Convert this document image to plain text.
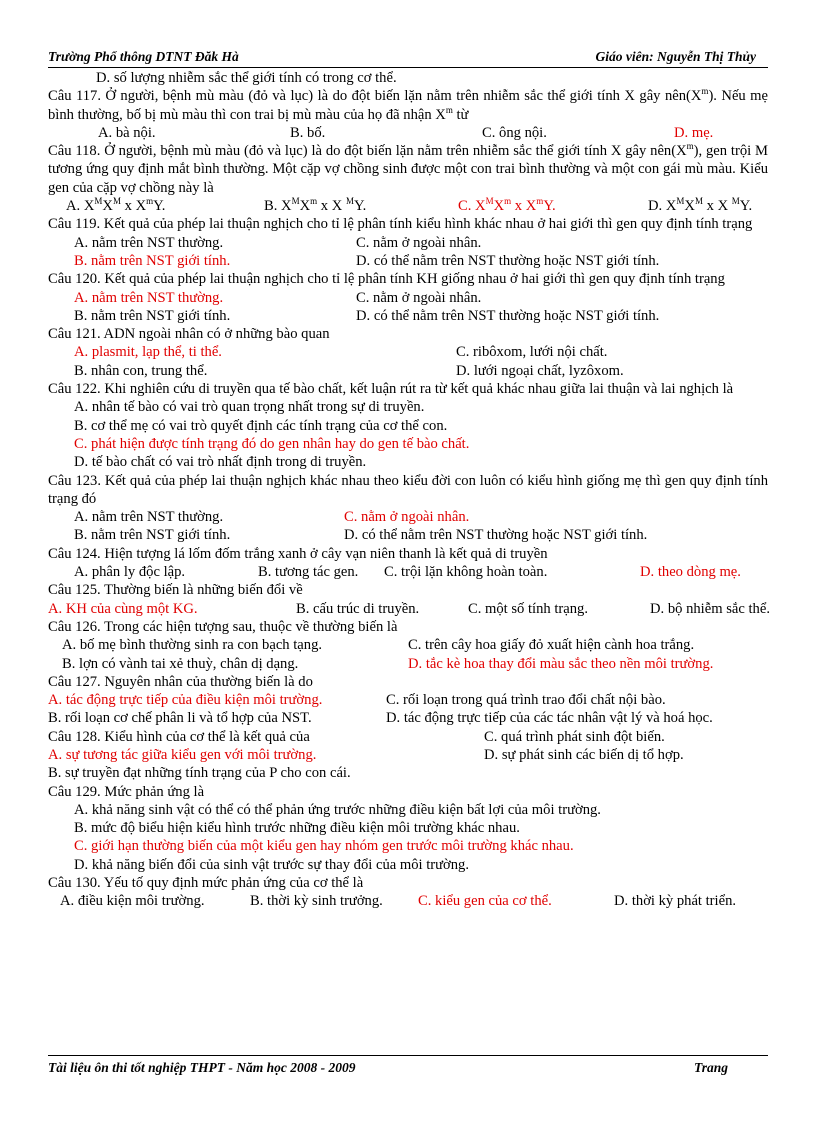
Trường Phổ thông DTNT Đăk Hà	Giáo viên: Nguyễn Thị Thủy
D. số lượng nhiễm sắc thể giới tính có trong cơ thể.
Câu 117. Ở người, bệnh mù màu (đỏ và lục) là do đột biến lặn nằm trên nhiễm sắc thể giới tính X gây $nên(X^m)$. Nếu mẹ bình thường, bố bị mù màu thì con trai bị mù màu của họ đã nhận $X^m$ từ
A. bà nội.	B. bố.	C. ông nội.	D. mẹ.
Câu 118. Ở người, bệnh mù màu (đỏ và lục) là do đột biến lặn nằm trên nhiễm sắc thể giới tính X gây $nên(X^m)$, gen trội M tương ứng quy định mắt bình thường. Một cặp vợ chồng sinh được một con trai bình thường và một con gái mù màu. Kiểu gen của cặp vợ chồng này là
A. $X^MX^M$ x $X^mY$.	B. $X^MX^m$ x X $^M$Y.	C. $X^MX^m$ x $X^mY$.	D. $X^MX^M$ x X $^M$Y.
Câu 119. Kết quả của phép lai thuận nghịch cho tỉ lệ phân tính kiểu hình khác nhau ở hai giới thì gen quy định tính trạng
A. nằm trên NST thường.	C. nằm ở ngoài nhân.
B. nằm trên NST giới tính.	D. có thể nằm trên NST thường hoặc NST giới tính.
Câu 120. Kết quả của phép lai thuận nghịch cho tỉ lệ phân tính KH giống nhau ở hai giới thì gen quy định tính trạng
A. nằm trên NST thường.	C. nằm ở ngoài nhân.
B. nằm trên NST giới tính.	D. có thể nằm trên NST thường hoặc NST giới tính.
Câu 121. ADN ngoài nhân có ở những bào quan
A. plasmit, lạp thể, ti thể.	C. ribôxom, lưới nội chất.
B. nhân con, trung thể.	D. lưới ngoại chất, lyzôxom.
Câu 122. Khi nghiên cứu di truyền qua tế bào chất, kết luận rút ra từ kết quả khác nhau giữa lai thuận và lai nghịch là
A. nhân tế bào có vai trò quan trọng nhất trong sự di truyền.
B. cơ thể mẹ có vai trò quyết định các tính trạng của cơ thể con.
C. phát hiện được tính trạng đó do gen nhân hay do gen tế bào chất.
D. tế bào chất có vai trò nhất định trong di truyền.
Câu 123. Kết quả của phép lai thuận nghịch khác nhau theo kiểu đời con luôn có kiểu hình giống mẹ thì gen quy định tính trạng đó
A. nằm trên NST thường.	C. nằm ở ngoài nhân.
B. nằm trên NST giới tính.	D. có thể nằm trên NST thường hoặc NST giới tính.
Câu 124. Hiện tượng lá lốm đốm trắng xanh ở cây vạn niên thanh là kết quả di truyền
A. phân ly độc lập.	B. tương tác gen. C. trội lặn không hoàn toàn.	D. theo dòng mẹ.
Câu 125. Thường biến là những biến đổi về
A. KH của cùng một KG.	B. cấu trúc di truyền.	C. một số tính trạng.	D. bộ nhiễm sắc thể.
Câu 126. Trong các hiện tượng sau, thuộc về thường biến là
A. bố mẹ bình thường sinh ra con bạch tạng.	C. trên cây hoa giấy đỏ xuất hiện cành hoa trắng.
B. lợn có vành tai xẻ thuỳ, chân dị dạng.	D. tắc kè hoa thay đổi màu sắc theo nền môi trường.
Câu 127. Nguyên nhân của thường biến là do
A. tác động trực tiếp của điều kiện môi trường.	C. rối loạn trong quá trình trao đổi chất nội bào.
B. rối loạn cơ chế phân li và tổ hợp của NST.	D. tác động trực tiếp của các tác nhân vật lý và hoá học.
Câu 128. Kiểu hình của cơ thể là kết quả của	C. quá trình phát sinh đột biến.
A. sự tương tác giữa kiểu gen với môi trường.	D. sự phát sinh các biến dị tổ hợp.
B. sự truyền đạt những tính trạng của P cho con cái.
Câu 129. Mức phản ứng là
A. khả năng sinh vật có thể có thể phản ứng trước những điều kiện bất lợi của môi trường.
B. mức độ biểu hiện kiểu hình trước những điều kiện môi trường khác nhau.
C. giới hạn thường biến của một kiểu gen hay nhóm gen trước môi trường khác nhau.
D. khả năng biến đổi của sinh vật trước sự thay đổi của môi trường.
Câu 130. Yếu tố quy định mức phản ứng của cơ thể là
A. điều kiện môi trường.	B. thời kỳ sinh trưởng. C. kiểu gen của cơ thể.	D. thời kỳ phát triển.
Tài liệu ôn thi tốt nghiệp THPT - Năm học 2008 - 2009	Trang
